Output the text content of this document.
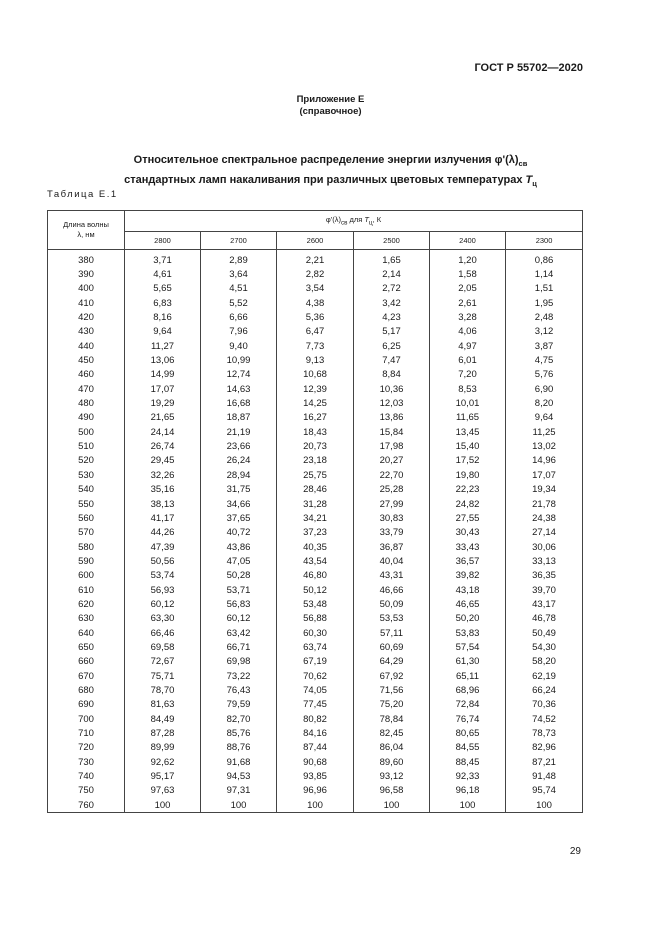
ГОСТ Р 55702—2020
Приложение Е
(справочное)
Относительное спектральное распределение энергии излучения $\varphi'(\lambda)_{св}$
стандартных ламп накаливания при различных цветовых температурах $T_ц$
Таблица Е.1
Длина волны
λ, нм	$\varphi'(\lambda)_{св}$ для $T_ц$, К					
	2800	2700	2600	2500	2400	2300
380	3,71	2,89	2,21	1,65	1,20	0,86
390	4,61	3,64	2,82	2,14	1,58	1,14
400	5,65	4,51	3,54	2,72	2,05	1,51
410	6,83	5,52	4,38	3,42	2,61	1,95
420	8,16	6,66	5,36	4,23	3,28	2,48
430	9,64	7,96	6,47	5,17	4,06	3,12
440	11,27	9,40	7,73	6,25	4,97	3,87
450	13,06	10,99	9,13	7,47	6,01	4,75
460	14,99	12,74	10,68	8,84	7,20	5,76
470	17,07	14,63	12,39	10,36	8,53	6,90
480	19,29	16,68	14,25	12,03	10,01	8,20
490	21,65	18,87	16,27	13,86	11,65	9,64
500	24,14	21,19	18,43	15,84	13,45	11,25
510	26,74	23,66	20,73	17,98	15,40	13,02
520	29,45	26,24	23,18	20,27	17,52	14,96
530	32,26	28,94	25,75	22,70	19,80	17,07
540	35,16	31,75	28,46	25,28	22,23	19,34
550	38,13	34,66	31,28	27,99	24,82	21,78
560	41,17	37,65	34,21	30,83	27,55	24,38
570	44,26	40,72	37,23	33,79	30,43	27,14
580	47,39	43,86	40,35	36,87	33,43	30,06
590	50,56	47,05	43,54	40,04	36,57	33,13
600	53,74	50,28	46,80	43,31	39,82	36,35
610	56,93	53,71	50,12	46,66	43,18	39,70
620	60,12	56,83	53,48	50,09	46,65	43,17
630	63,30	60,12	56,88	53,53	50,20	46,78
640	66,46	63,42	60,30	57,11	53,83	50,49
650	69,58	66,71	63,74	60,69	57,54	54,30
660	72,67	69,98	67,19	64,29	61,30	58,20
670	75,71	73,22	70,62	67,92	65,11	62,19
680	78,70	76,43	74,05	71,56	68,96	66,24
690	81,63	79,59	77,45	75,20	72,84	70,36
700	84,49	82,70	80,82	78,84	76,74	74,52
710	87,28	85,76	84,16	82,45	80,65	78,73
720	89,99	88,76	87,44	86,04	84,55	82,96
730	92,62	91,68	90,68	89,60	88,45	87,21
740	95,17	94,53	93,85	93,12	92,33	91,48
750	97,63	97,31	96,96	96,58	96,18	95,74
760	100	100	100	100	100	100
29
